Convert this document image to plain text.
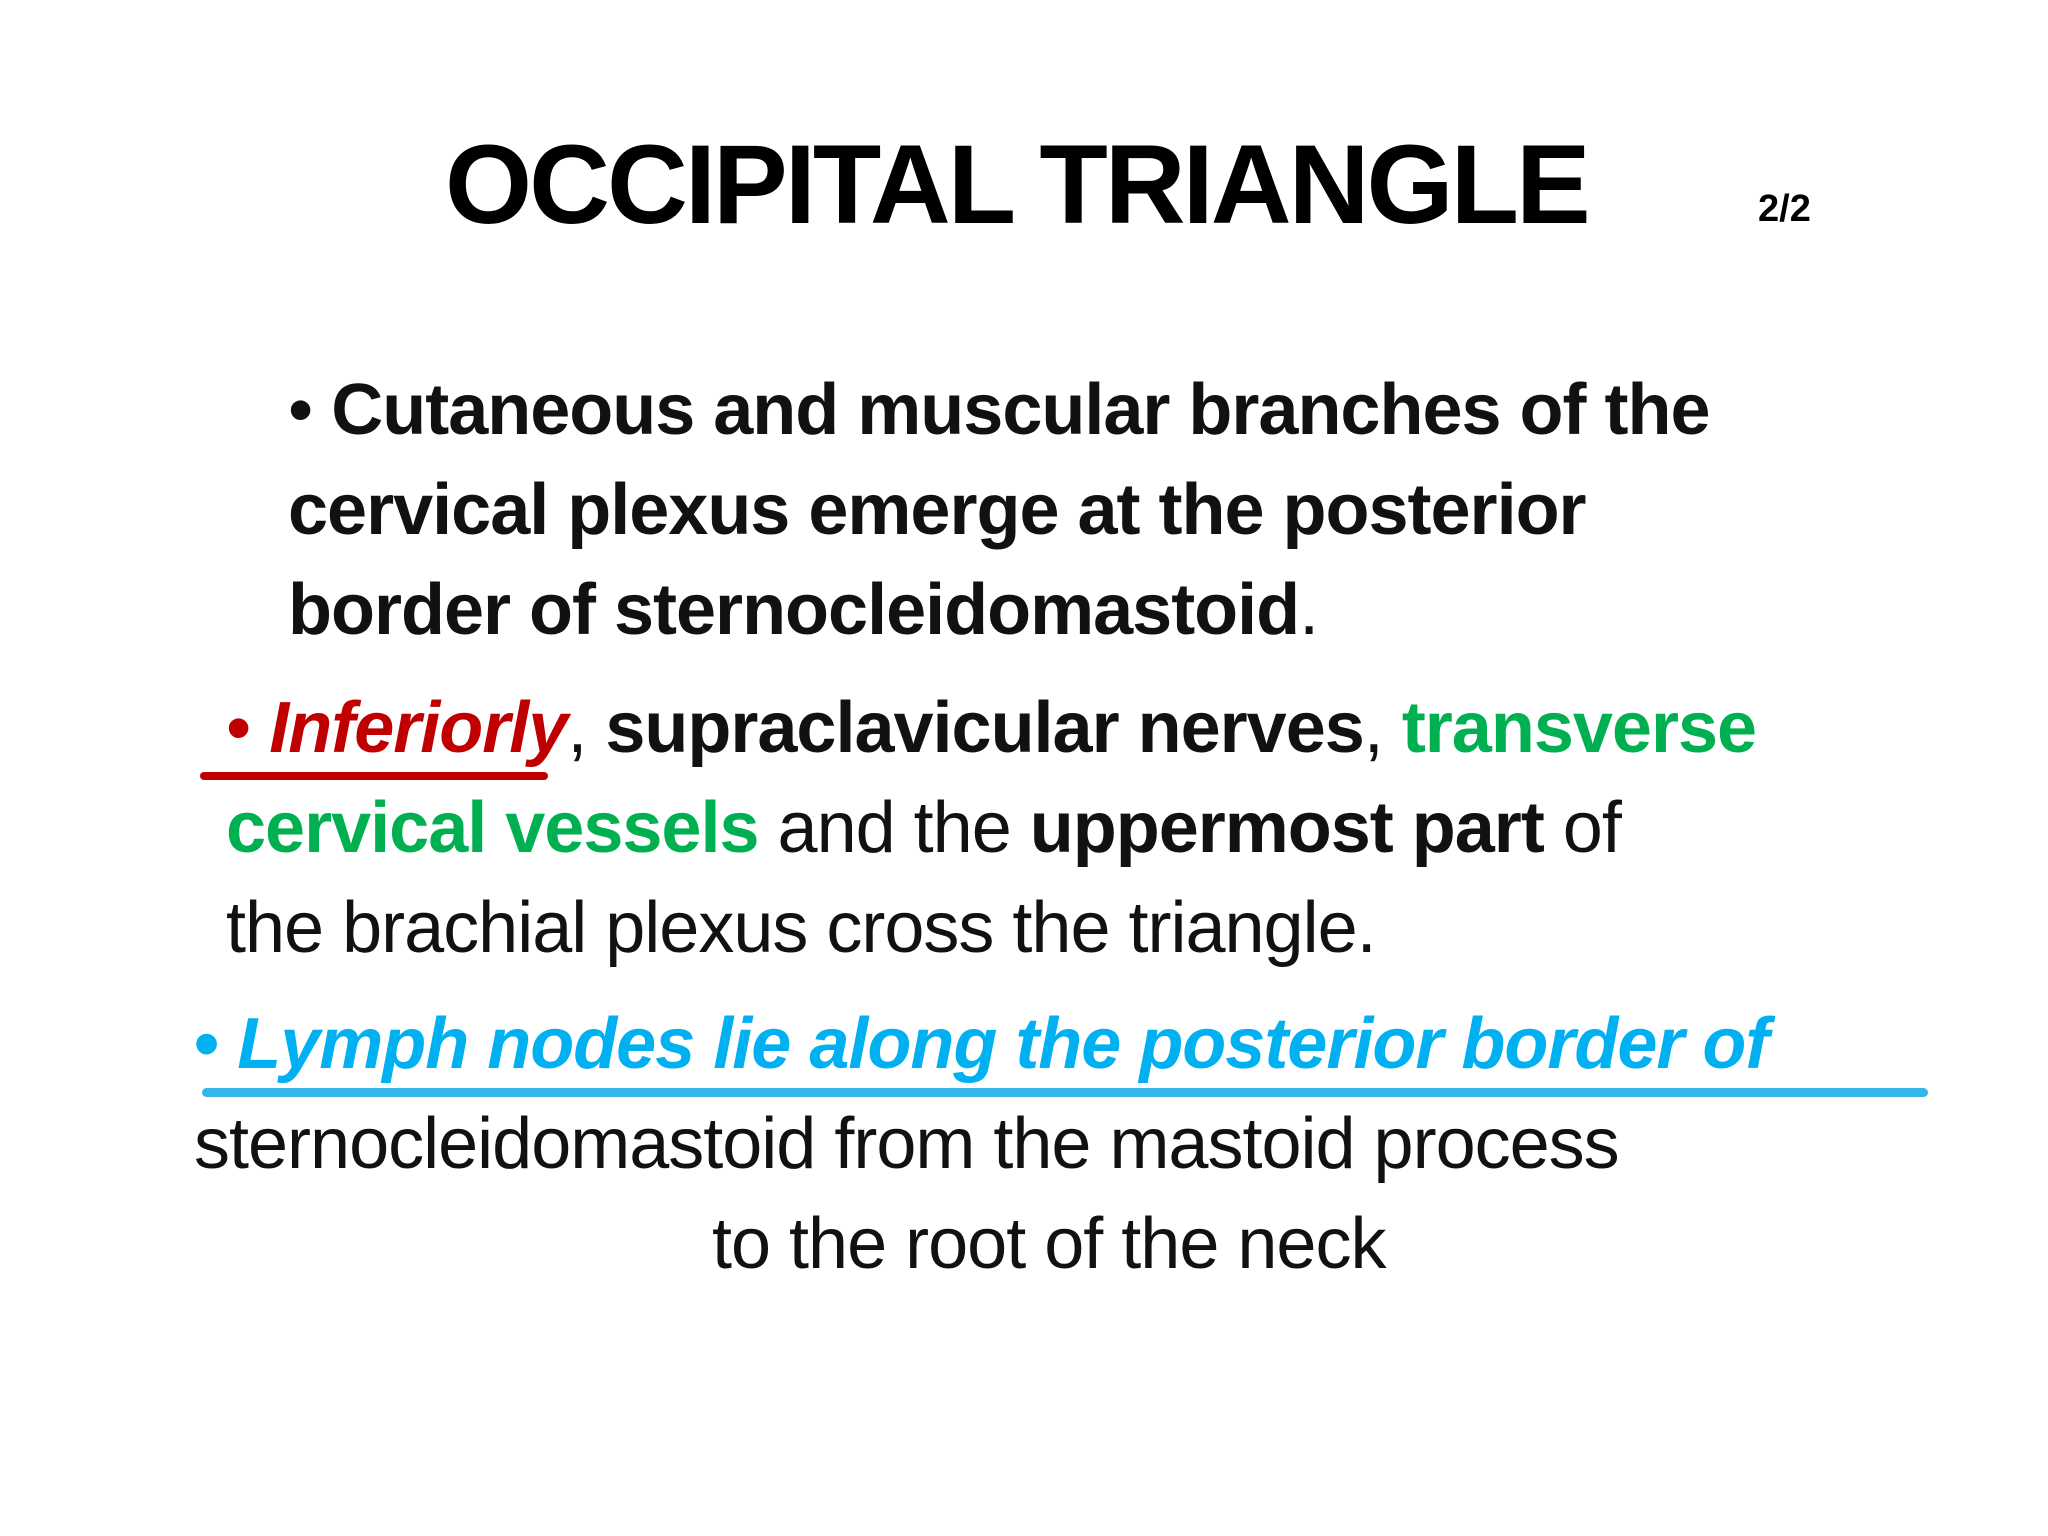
OCCIPITAL TRIANGLE	2/2
• Cutaneous and muscular branches of the
cervical plexus emerge at the posterior
border of sternocleidomastoid.
• Inferiorly, supraclavicular nerves, transverse
cervical vessels and the uppermost part of
the brachial plexus cross the triangle.
• Lymph nodes lie along the posterior border of
sternocleidomastoid from the mastoid process
to the root of the neck
